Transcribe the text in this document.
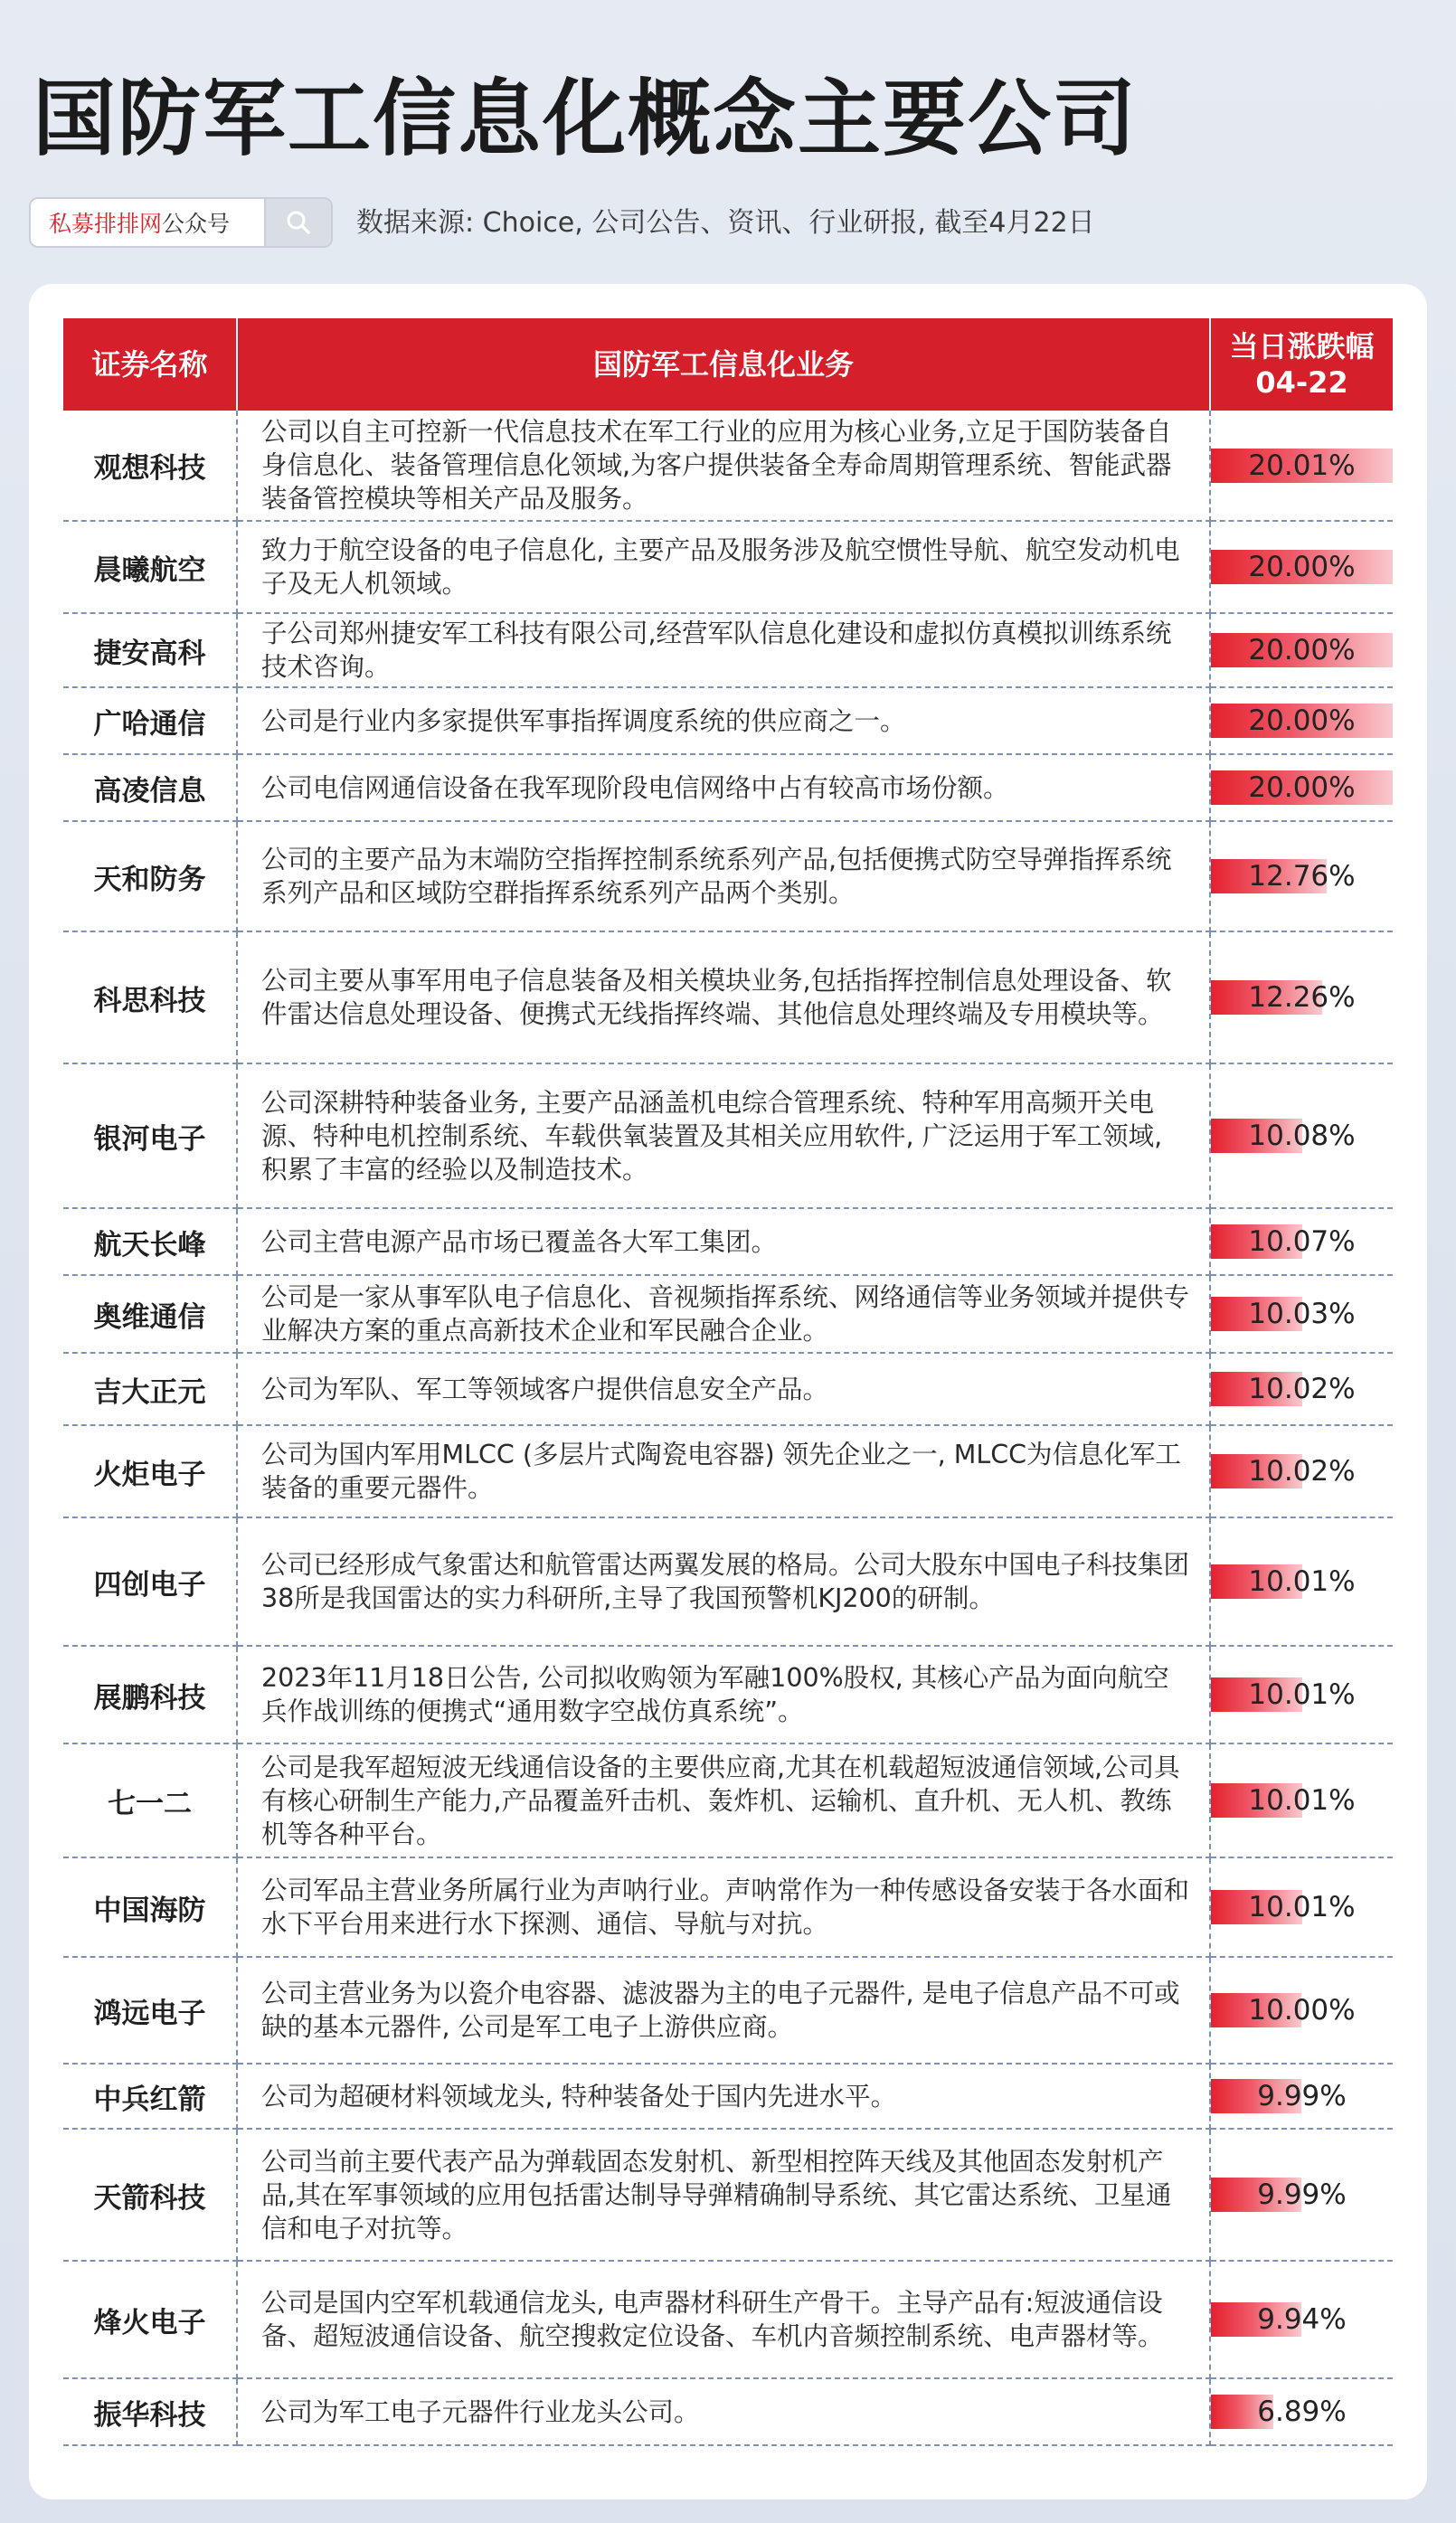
国防军工信息化概念主要公司
私募排排网公众号	数据来源: Choice, 公司公告、资讯、行业研报, 截至4月22日
证券名称	国防军工信息化业务	当日涨跌幅
04-22
观想科技	公司以自主可控新一代信息技术在军工行业的应用为核心业务,立足于国防装备自身信息化、装备管理信息化领域,为客户提供装备全寿命周期管理系统、智能武器装备管控模块等相关产品及服务。	20.01%

晨曦航空	致力于航空设备的电子信息化, 主要产品及服务涉及航空惯性导航、航空发动机电子及无人机领域。	20.00%

捷安高科	子公司郑州捷安军工科技有限公司,经营军队信息化建设和虚拟仿真模拟训练系统技术咨询。	20.00%

广哈通信	公司是行业内多家提供军事指挥调度系统的供应商之一。	20.00%

高凌信息	公司电信网通信设备在我军现阶段电信网络中占有较高市场份额。	20.00%

天和防务	公司的主要产品为末端防空指挥控制系统系列产品,包括便携式防空导弹指挥系统系列产品和区域防空群指挥系统系列产品两个类别。	12.76%

科思科技	公司主要从事军用电子信息装备及相关模块业务,包括指挥控制信息处理设备、软件雷达信息处理设备、便携式无线指挥终端、其他信息处理终端及专用模块等。	12.26%

银河电子	公司深耕特种装备业务, 主要产品涵盖机电综合管理系统、特种军用高频开关电源、特种电机控制系统、车载供氧装置及其相关应用软件, 广泛运用于军工领域, 积累了丰富的经验以及制造技术。	10.08%

航天长峰	公司主营电源产品市场已覆盖各大军工集团。	10.07%

奥维通信	公司是一家从事军队电子信息化、音视频指挥系统、网络通信等业务领域并提供专业解决方案的重点高新技术企业和军民融合企业。	10.03%

吉大正元	公司为军队、军工等领域客户提供信息安全产品。	10.02%

火炬电子	公司为国内军用MLCC (多层片式陶瓷电容器) 领先企业之一, MLCC为信息化军工装备的重要元器件。	10.02%

四创电子	公司已经形成气象雷达和航管雷达两翼发展的格局。公司大股东中国电子科技集团38所是我国雷达的实力科研所,主导了我国预警机KJ200的研制。	10.01%

展鹏科技	2023年11月18日公告, 公司拟收购领为军融100%股权, 其核心产品为面向航空兵作战训练的便携式“通用数字空战仿真系统”。	10.01%

七一二	公司是我军超短波无线通信设备的主要供应商,尤其在机载超短波通信领域,公司具有核心研制生产能力,产品覆盖歼击机、轰炸机、运输机、直升机、无人机、教练机等各种平台。	10.01%

中国海防	公司军品主营业务所属行业为声呐行业。声呐常作为一种传感设备安装于各水面和水下平台用来进行水下探测、通信、导航与对抗。	10.01%

鸿远电子	公司主营业务为以瓷介电容器、滤波器为主的电子元器件, 是电子信息产品不可或缺的基本元器件, 公司是军工电子上游供应商。	10.00%

中兵红箭	公司为超硬材料领域龙头, 特种装备处于国内先进水平。	9.99%

天箭科技	公司当前主要代表产品为弹载固态发射机、新型相控阵天线及其他固态发射机产品,其在军事领域的应用包括雷达制导导弹精确制导系统、其它雷达系统、卫星通信和电子对抗等。	9.99%

烽火电子	公司是国内空军机载通信龙头, 电声器材科研生产骨干。主导产品有:短波通信设备、超短波通信设备、航空搜救定位设备、车机内音频控制系统、电声器材等。	9.94%

振华科技	公司为军工电子元器件行业龙头公司。	6.89%
